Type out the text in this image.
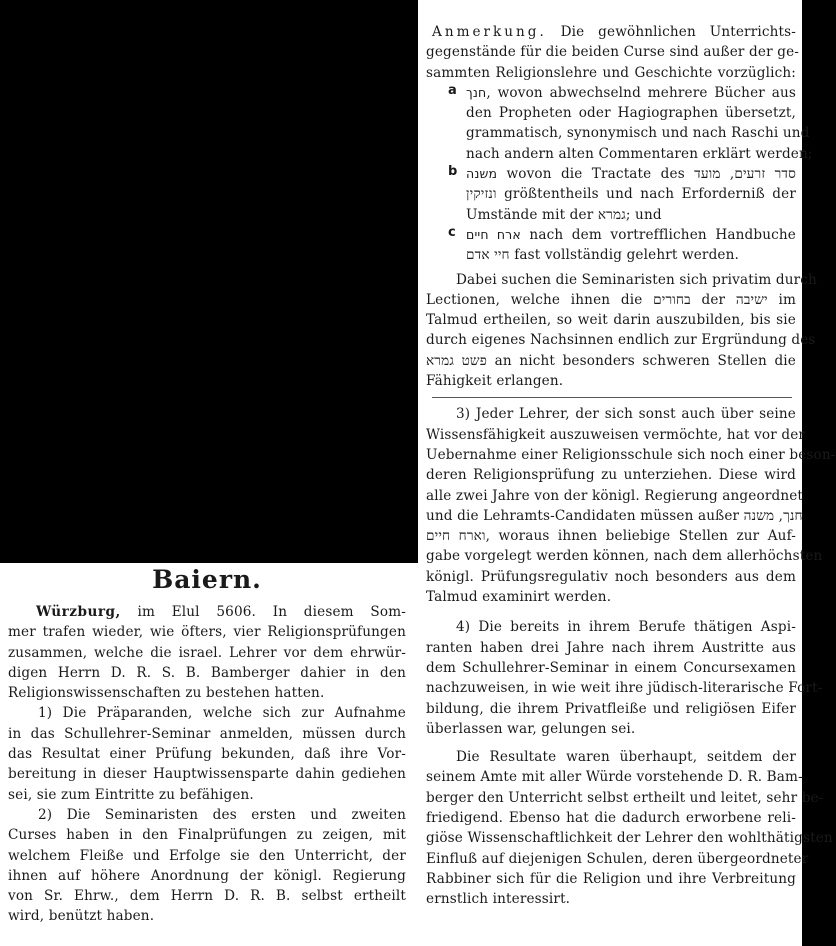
Anmerkung. Die gewöhnlichen Unterrichts-

gegenstände für die beiden Curse sind außer der ge-

sammten Religionslehre und Geschichte vorzüglich:

a חנך, wovon abwechselnd mehrere Bücher aus

den Propheten oder Hagiographen übersetzt,

grammatisch, synonymisch und nach Raschi und

nach andern alten Commentaren erklärt werden;

b משנה wovon die Tractate des סדר זרעים, מועד

ונזיקין größtentheils und nach Erforderniß der

Umstände mit der גמרא; und

c ארח חיים nach dem vortrefflichen Handbuche

חיי אדם fast vollständig gelehrt werden.

Dabei suchen die Seminaristen sich privatim durch

Lectionen, welche ihnen die בחורים der ישיבה im

Talmud ertheilen, so weit darin auszubilden, bis sie

durch eigenes Nachsinnen endlich zur Ergründung des

פשט גמרא an nicht besonders schweren Stellen die

Fähigkeit erlangen.

3) Jeder Lehrer, der sich sonst auch über seine

Wissensfähigkeit auszuweisen vermöchte, hat vor der

Uebernahme einer Religionsschule sich noch einer beson-

deren Religionsprüfung zu unterziehen. Diese wird

alle zwei Jahre von der königl. Regierung angeordnet

und die Lehramts-Candidaten müssen außer חנך, משנה

וארח חיים, woraus ihnen beliebige Stellen zur Auf-

gabe vorgelegt werden können, nach dem allerhöchsten

königl. Prüfungsregulativ noch besonders aus dem

Talmud examinirt werden.

4) Die bereits in ihrem Berufe thätigen Aspi-

ranten haben drei Jahre nach ihrem Austritte aus

dem Schullehrer-Seminar in einem Concursexamen

nachzuweisen, in wie weit ihre jüdisch-literarische Fort-

bildung, die ihrem Privatfleiße und religiösen Eifer

überlassen war, gelungen sei.

Die Resultate waren überhaupt, seitdem der

seinem Amte mit aller Würde vorstehende D. R. Bam-

berger den Unterricht selbst ertheilt und leitet, sehr be-

friedigend. Ebenso hat die dadurch erworbene reli-

giöse Wissenschaftlichkeit der Lehrer den wohlthätigsten

Einfluß auf diejenigen Schulen, deren übergeordneter

Rabbiner sich für die Religion und ihre Verbreitung

ernstlich interessirt.

Baiern.

Würzburg, im Elul 5606. In diesem Som-

mer trafen wieder, wie öfters, vier Religionsprüfungen

zusammen, welche die israel. Lehrer vor dem ehrwür-

digen Herrn D. R. S. B. Bamberger dahier in den

Religionswissenschaften zu bestehen hatten.

1) Die Präparanden, welche sich zur Aufnahme

in das Schullehrer-Seminar anmelden, müssen durch

das Resultat einer Prüfung bekunden, daß ihre Vor-

bereitung in dieser Hauptwissensparte dahin gediehen

sei, sie zum Eintritte zu befähigen.

2) Die Seminaristen des ersten und zweiten

Curses haben in den Finalprüfungen zu zeigen, mit

welchem Fleiße und Erfolge sie den Unterricht, der

ihnen auf höhere Anordnung der königl. Regierung

von Sr. Ehrw., dem Herrn D. R. B. selbst ertheilt

wird, benützt haben.
